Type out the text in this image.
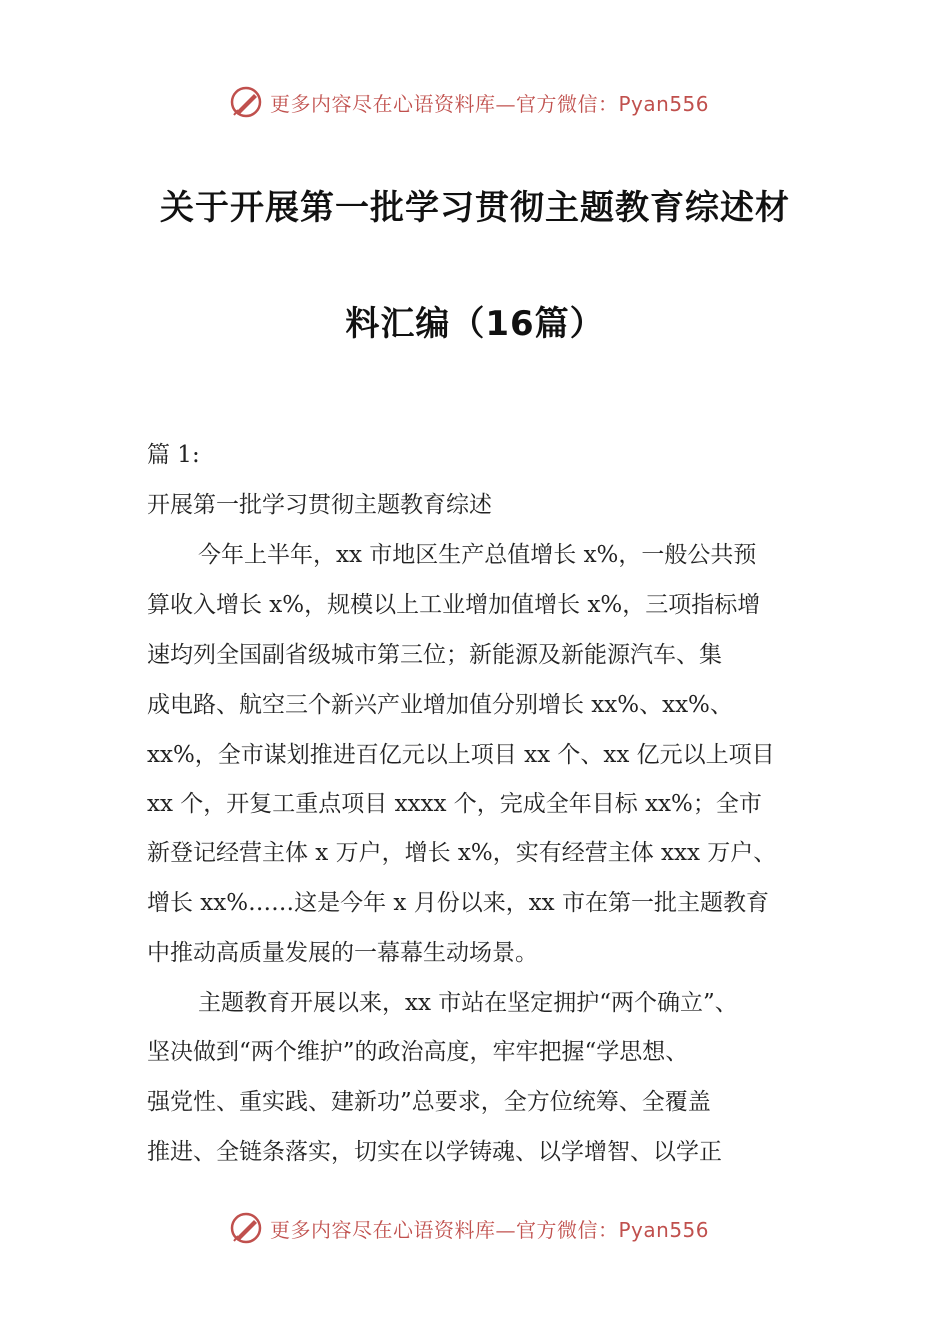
更多内容尽在心语资料库—官方微信：Pyan556
关于开展第一批学习贯彻主题教育综述材
料汇编（16篇）
篇 1:
开展第一批学习贯彻主题教育综述
今年上半年，xx 市地区生产总值增长 x%，一般公共预
算收入增长 x%，规模以上工业增加值增长 x%，三项指标增
速均列全国副省级城市第三位；新能源及新能源汽车、集
成电路、航空三个新兴产业增加值分别增长 xx%、xx%、
xx%，全市谋划推进百亿元以上项目 xx 个、xx 亿元以上项目
xx 个，开复工重点项目 xxxx 个，完成全年目标 xx%；全市
新登记经营主体 x 万户，增长 x%，实有经营主体 xxx 万户、
增长 xx%……这是今年 x 月份以来，xx 市在第一批主题教育
中推动高质量发展的一幕幕生动场景。
主题教育开展以来，xx 市站在坚定拥护“两个确立”、
坚决做到“两个维护”的政治高度，牢牢把握“学思想、
强党性、重实践、建新功”总要求，全方位统筹、全覆盖
推进、全链条落实，切实在以学铸魂、以学增智、以学正
更多内容尽在心语资料库—官方微信：Pyan556
